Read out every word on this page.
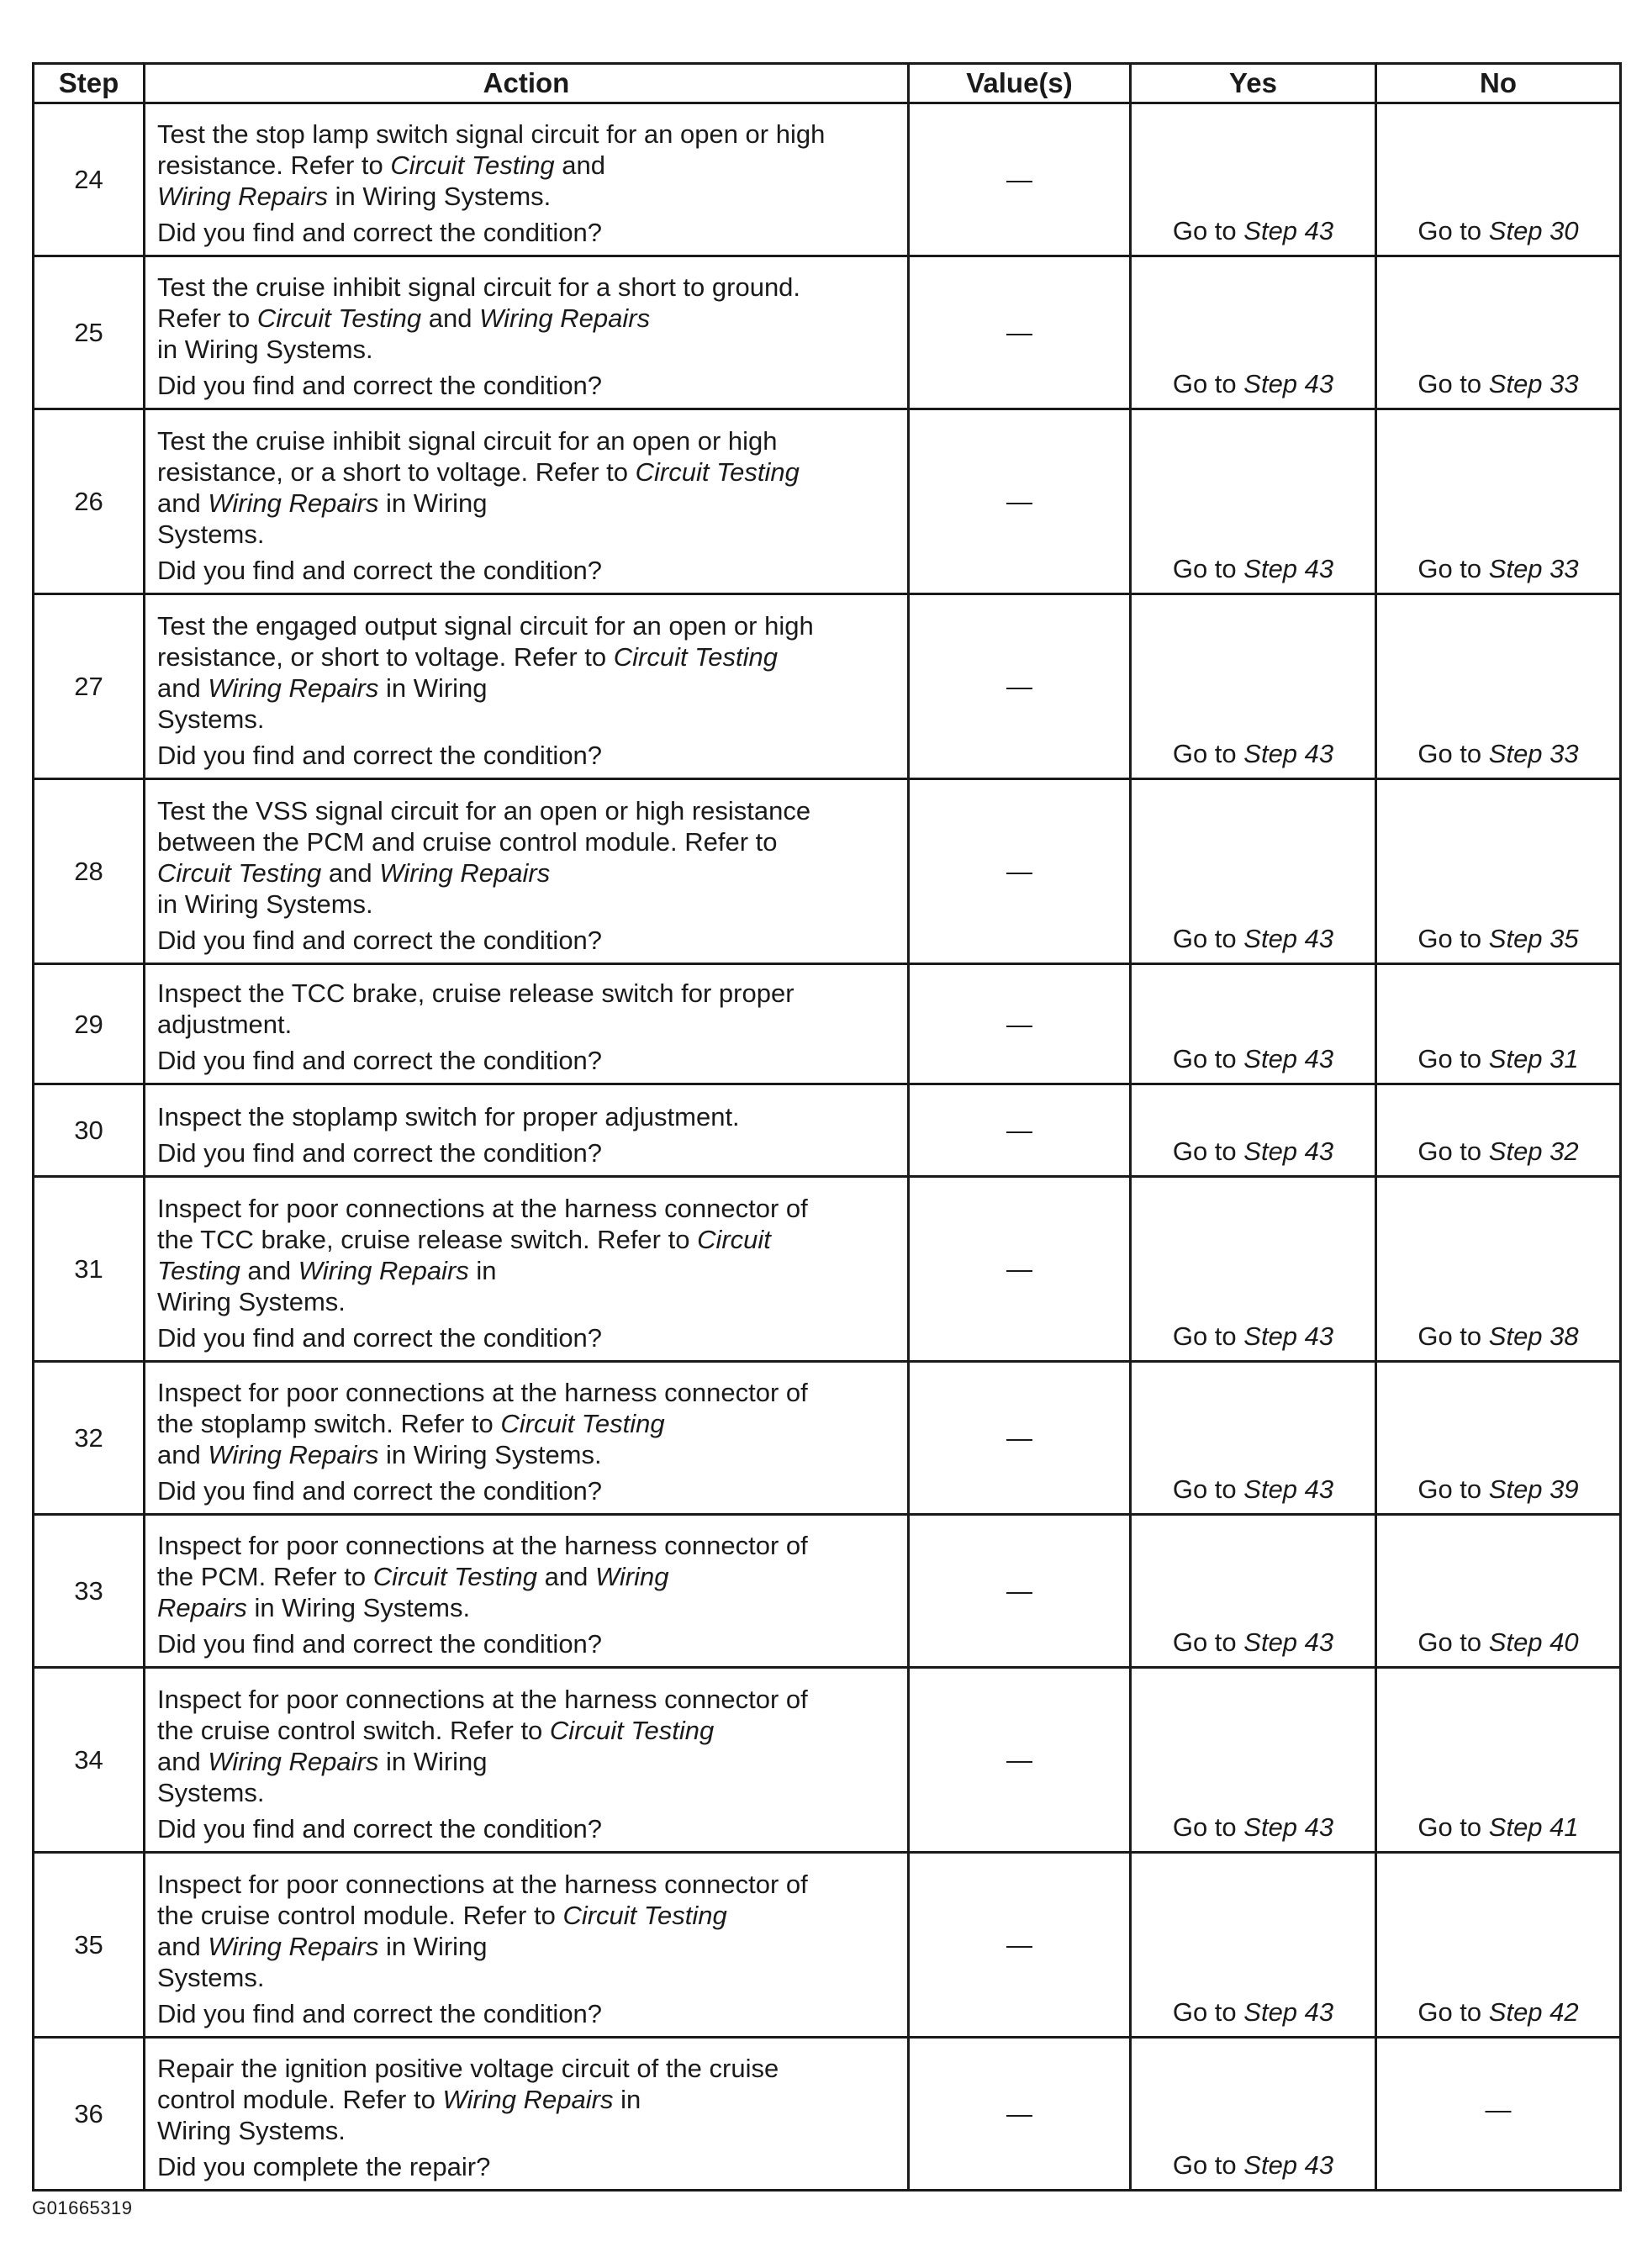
Step	Action	Value(s)	Yes	No
24	Test the stop lamp switch signal circuit for an open or high
resistance. Refer to Circuit Testing and
Wiring Repairs in Wiring Systems.
Did you find and correct the condition?	—	Go to Step 43	Go to Step 30
25	Test the cruise inhibit signal circuit for a short to ground.
Refer to Circuit Testing and Wiring Repairs
in Wiring Systems.
Did you find and correct the condition?	—	Go to Step 43	Go to Step 33
26	Test the cruise inhibit signal circuit for an open or high
resistance, or a short to voltage. Refer to Circuit Testing
and Wiring Repairs in Wiring
Systems.
Did you find and correct the condition?	—	Go to Step 43	Go to Step 33
27	Test the engaged output signal circuit for an open or high
resistance, or short to voltage. Refer to Circuit Testing
and Wiring Repairs in Wiring
Systems.
Did you find and correct the condition?	—	Go to Step 43	Go to Step 33
28	Test the VSS signal circuit for an open or high resistance
between the PCM and cruise control module. Refer to
Circuit Testing and Wiring Repairs
in Wiring Systems.
Did you find and correct the condition?	—	Go to Step 43	Go to Step 35
29	Inspect the TCC brake, cruise release switch for proper
adjustment.
Did you find and correct the condition?	—	Go to Step 43	Go to Step 31
30	Inspect the stoplamp switch for proper adjustment.
Did you find and correct the condition?	—	Go to Step 43	Go to Step 32
31	Inspect for poor connections at the harness connector of
the TCC brake, cruise release switch. Refer to Circuit
Testing and Wiring Repairs in
Wiring Systems.
Did you find and correct the condition?	—	Go to Step 43	Go to Step 38
32	Inspect for poor connections at the harness connector of
the stoplamp switch. Refer to Circuit Testing
and Wiring Repairs in Wiring Systems.
Did you find and correct the condition?	—	Go to Step 43	Go to Step 39
33	Inspect for poor connections at the harness connector of
the PCM. Refer to Circuit Testing and Wiring
Repairs in Wiring Systems.
Did you find and correct the condition?	—	Go to Step 43	Go to Step 40
34	Inspect for poor connections at the harness connector of
the cruise control switch. Refer to Circuit Testing
and Wiring Repairs in Wiring
Systems.
Did you find and correct the condition?	—	Go to Step 43	Go to Step 41
35	Inspect for poor connections at the harness connector of
the cruise control module. Refer to Circuit Testing
and Wiring Repairs in Wiring
Systems.
Did you find and correct the condition?	—	Go to Step 43	Go to Step 42
36	Repair the ignition positive voltage circuit of the cruise
control module. Refer to Wiring Repairs in
Wiring Systems.
Did you complete the repair?	—	Go to Step 43	—
G01665319
